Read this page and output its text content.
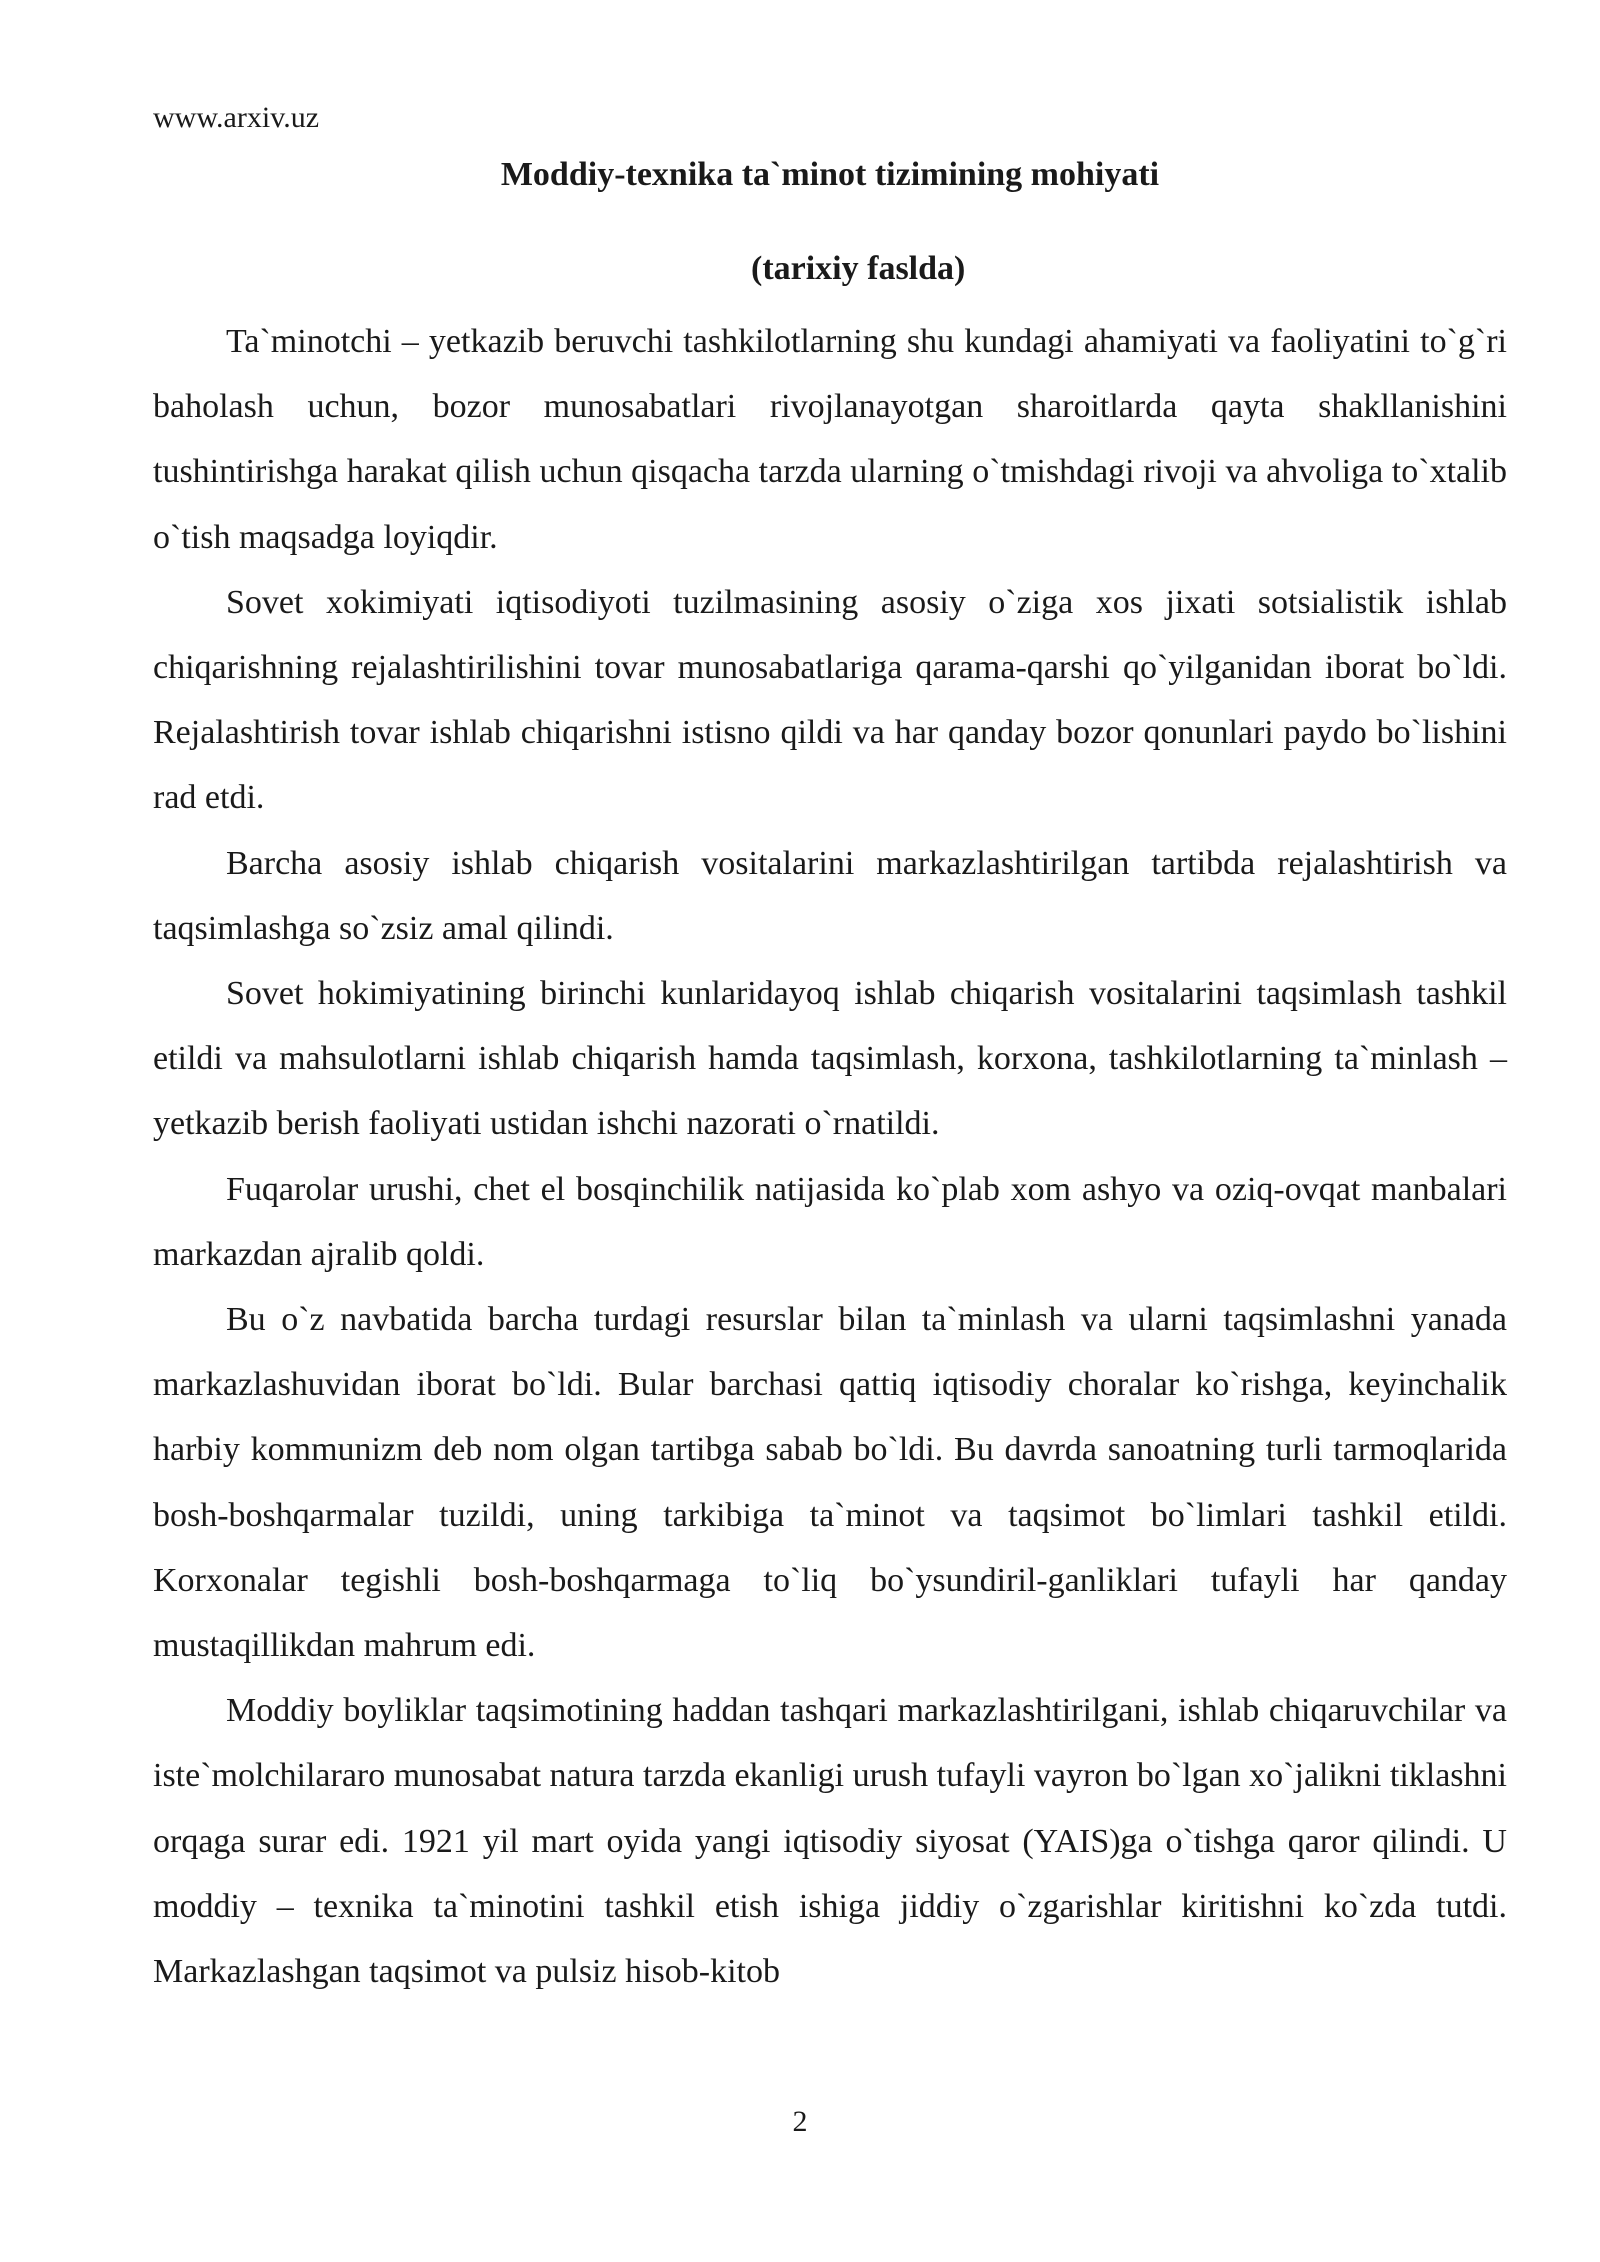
www.arxiv.uz

Moddiy-texnika ta`minot tizimining mohiyati
(tarixiy faslda)

Ta`minotchi – yetkazib beruvchi tashkilotlarning shu kundagi ahamiyati va faoliyatini to`g`ri baholash uchun, bozor munosabatlari rivojlanayotgan sharoitlarda qayta shakllanishini tushintirishga harakat qilish uchun qisqacha tarzda ularning o`tmishdagi rivoji va ahvoliga to`xtalib o`tish maqsadga loyiqdir.

Sovet xokimiyati iqtisodiyoti tuzilmasining asosiy o`ziga xos jixati sotsialistik ishlab chiqarishning rejalashtirilishini tovar munosabatlariga qarama-qarshi qo`yilganidan iborat bo`ldi. Rejalashtirish tovar ishlab chiqarishni istisno qildi va har qanday bozor qonunlari paydo bo`lishini rad etdi.

Barcha asosiy ishlab chiqarish vositalarini markazlashtirilgan tartibda rejalashtirish va taqsimlashga so`zsiz amal qilindi.

Sovet hokimiyatining birinchi kunlaridayoq ishlab chiqarish vositalarini taqsimlash tashkil etildi va mahsulotlarni ishlab chiqarish hamda taqsimlash, korxona, tashkilotlarning ta`minlash – yetkazib berish faoliyati ustidan ishchi nazorati o`rnatildi.

Fuqarolar urushi, chet el bosqinchilik natijasida ko`plab xom ashyo va oziq-ovqat manbalari markazdan ajralib qoldi.

Bu o`z navbatida barcha turdagi resurslar bilan ta`minlash va ularni taqsimlashni yanada markazlashuvidan iborat bo`ldi. Bular barchasi qattiq iqtisodiy choralar ko`rishga, keyinchalik harbiy kommunizm deb nom olgan tartibga sabab bo`ldi. Bu davrda sanoatning turli tarmoqlarida bosh-boshqarmalar tuzildi, uning tarkibiga ta`minot va taqsimot bo`limlari tashkil etildi. Korxonalar tegishli bosh-boshqarmaga to`liq bo`ysundiril-ganliklari tufayli har qanday mustaqillikdan mahrum edi.

Moddiy boyliklar taqsimotining haddan tashqari markazlashtirilgani, ishlab chiqaruvchilar va iste`molchilararo munosabat natura tarzda ekanligi urush tufayli vayron bo`lgan xo`jalikni tiklashni orqaga surar edi. 1921 yil mart oyida yangi iqtisodiy siyosat (YAIS)ga o`tishga qaror qilindi. U moddiy – texnika ta`minotini tashkil etish ishiga jiddiy o`zgarishlar kiritishni ko`zda tutdi. Markazlashgan taqsimot va pulsiz hisob-kitob

2
